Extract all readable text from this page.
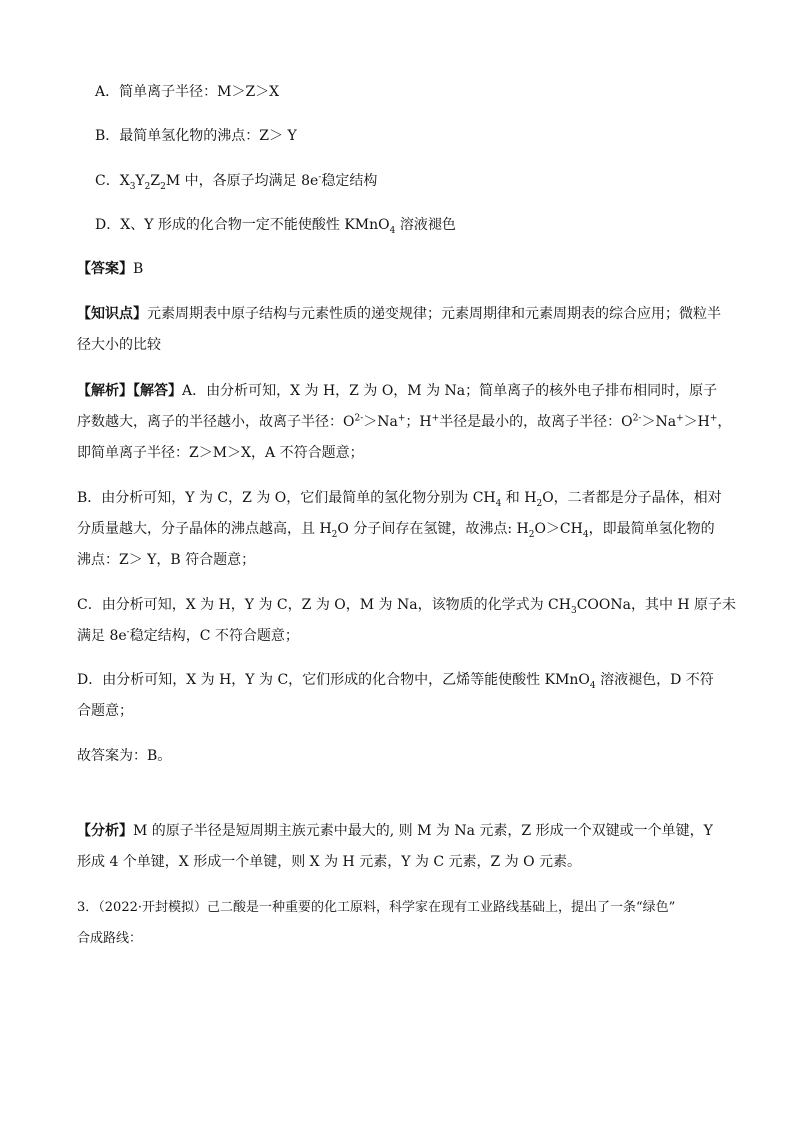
A．简单离子半径：M＞Z＞X
B．最简单氢化物的沸点：Z＞ Y
C．$X_3Y_2Z_2M$ 中，各原子均满足 8e-稳定结构
D．X、Y 形成的化合物一定不能使酸性 KMnO$_4$ 溶液褪色
【答案】B
【知识点】元素周期表中原子结构与元素性质的递变规律；元素周期律和元素周期表的综合应用；微粒半
径大小的比较
【解析】【解答】A．由分析可知，X 为 H，Z 为 O，M 为 Na；简单离子的核外电子排布相同时，原子
序数越大，离子的半径越小，故离子半径：$O^{2-}>Na^+$；H+半径是最小的，故离子半径：$O^{2-}>Na^+>H^+$，
即简单离子半径：Z＞M＞X，A 不符合题意；
B．由分析可知，Y 为 C，Z 为 O，它们最简单的氢化物分别为 $CH_4$ 和 $H_2O$，二者都是分子晶体，相对
分质量越大，分子晶体的沸点越高，且 $H_2O$ 分子间存在氢键，故沸点: $H_2O>CH_4$，即最简单氢化物的
沸点：Z＞ Y，B 符合题意；
C．由分析可知，X 为 H，Y 为 C，Z 为 O，M 为 Na，该物质的化学式为 $CH_3COONa$，其中 H 原子未
满足 8e-稳定结构，C 不符合题意；
D．由分析可知，X 为 H，Y 为 C，它们形成的化合物中，乙烯等能使酸性 KMnO$_4$ 溶液褪色，D 不符
合题意；
故答案为：B。
【分析】M 的原子半径是短周期主族元素中最大的, 则 M 为 Na 元素，Z 形成一个双键或一个单键，Y
形成 4 个单键，X 形成一个单键，则 X 为 H 元素，Y 为 C 元素，Z 为 O 元素。
3．（2022·开封模拟）己二酸是一种重要的化工原料，科学家在现有工业路线基础上，提出了一条“绿色”
合成路线：
